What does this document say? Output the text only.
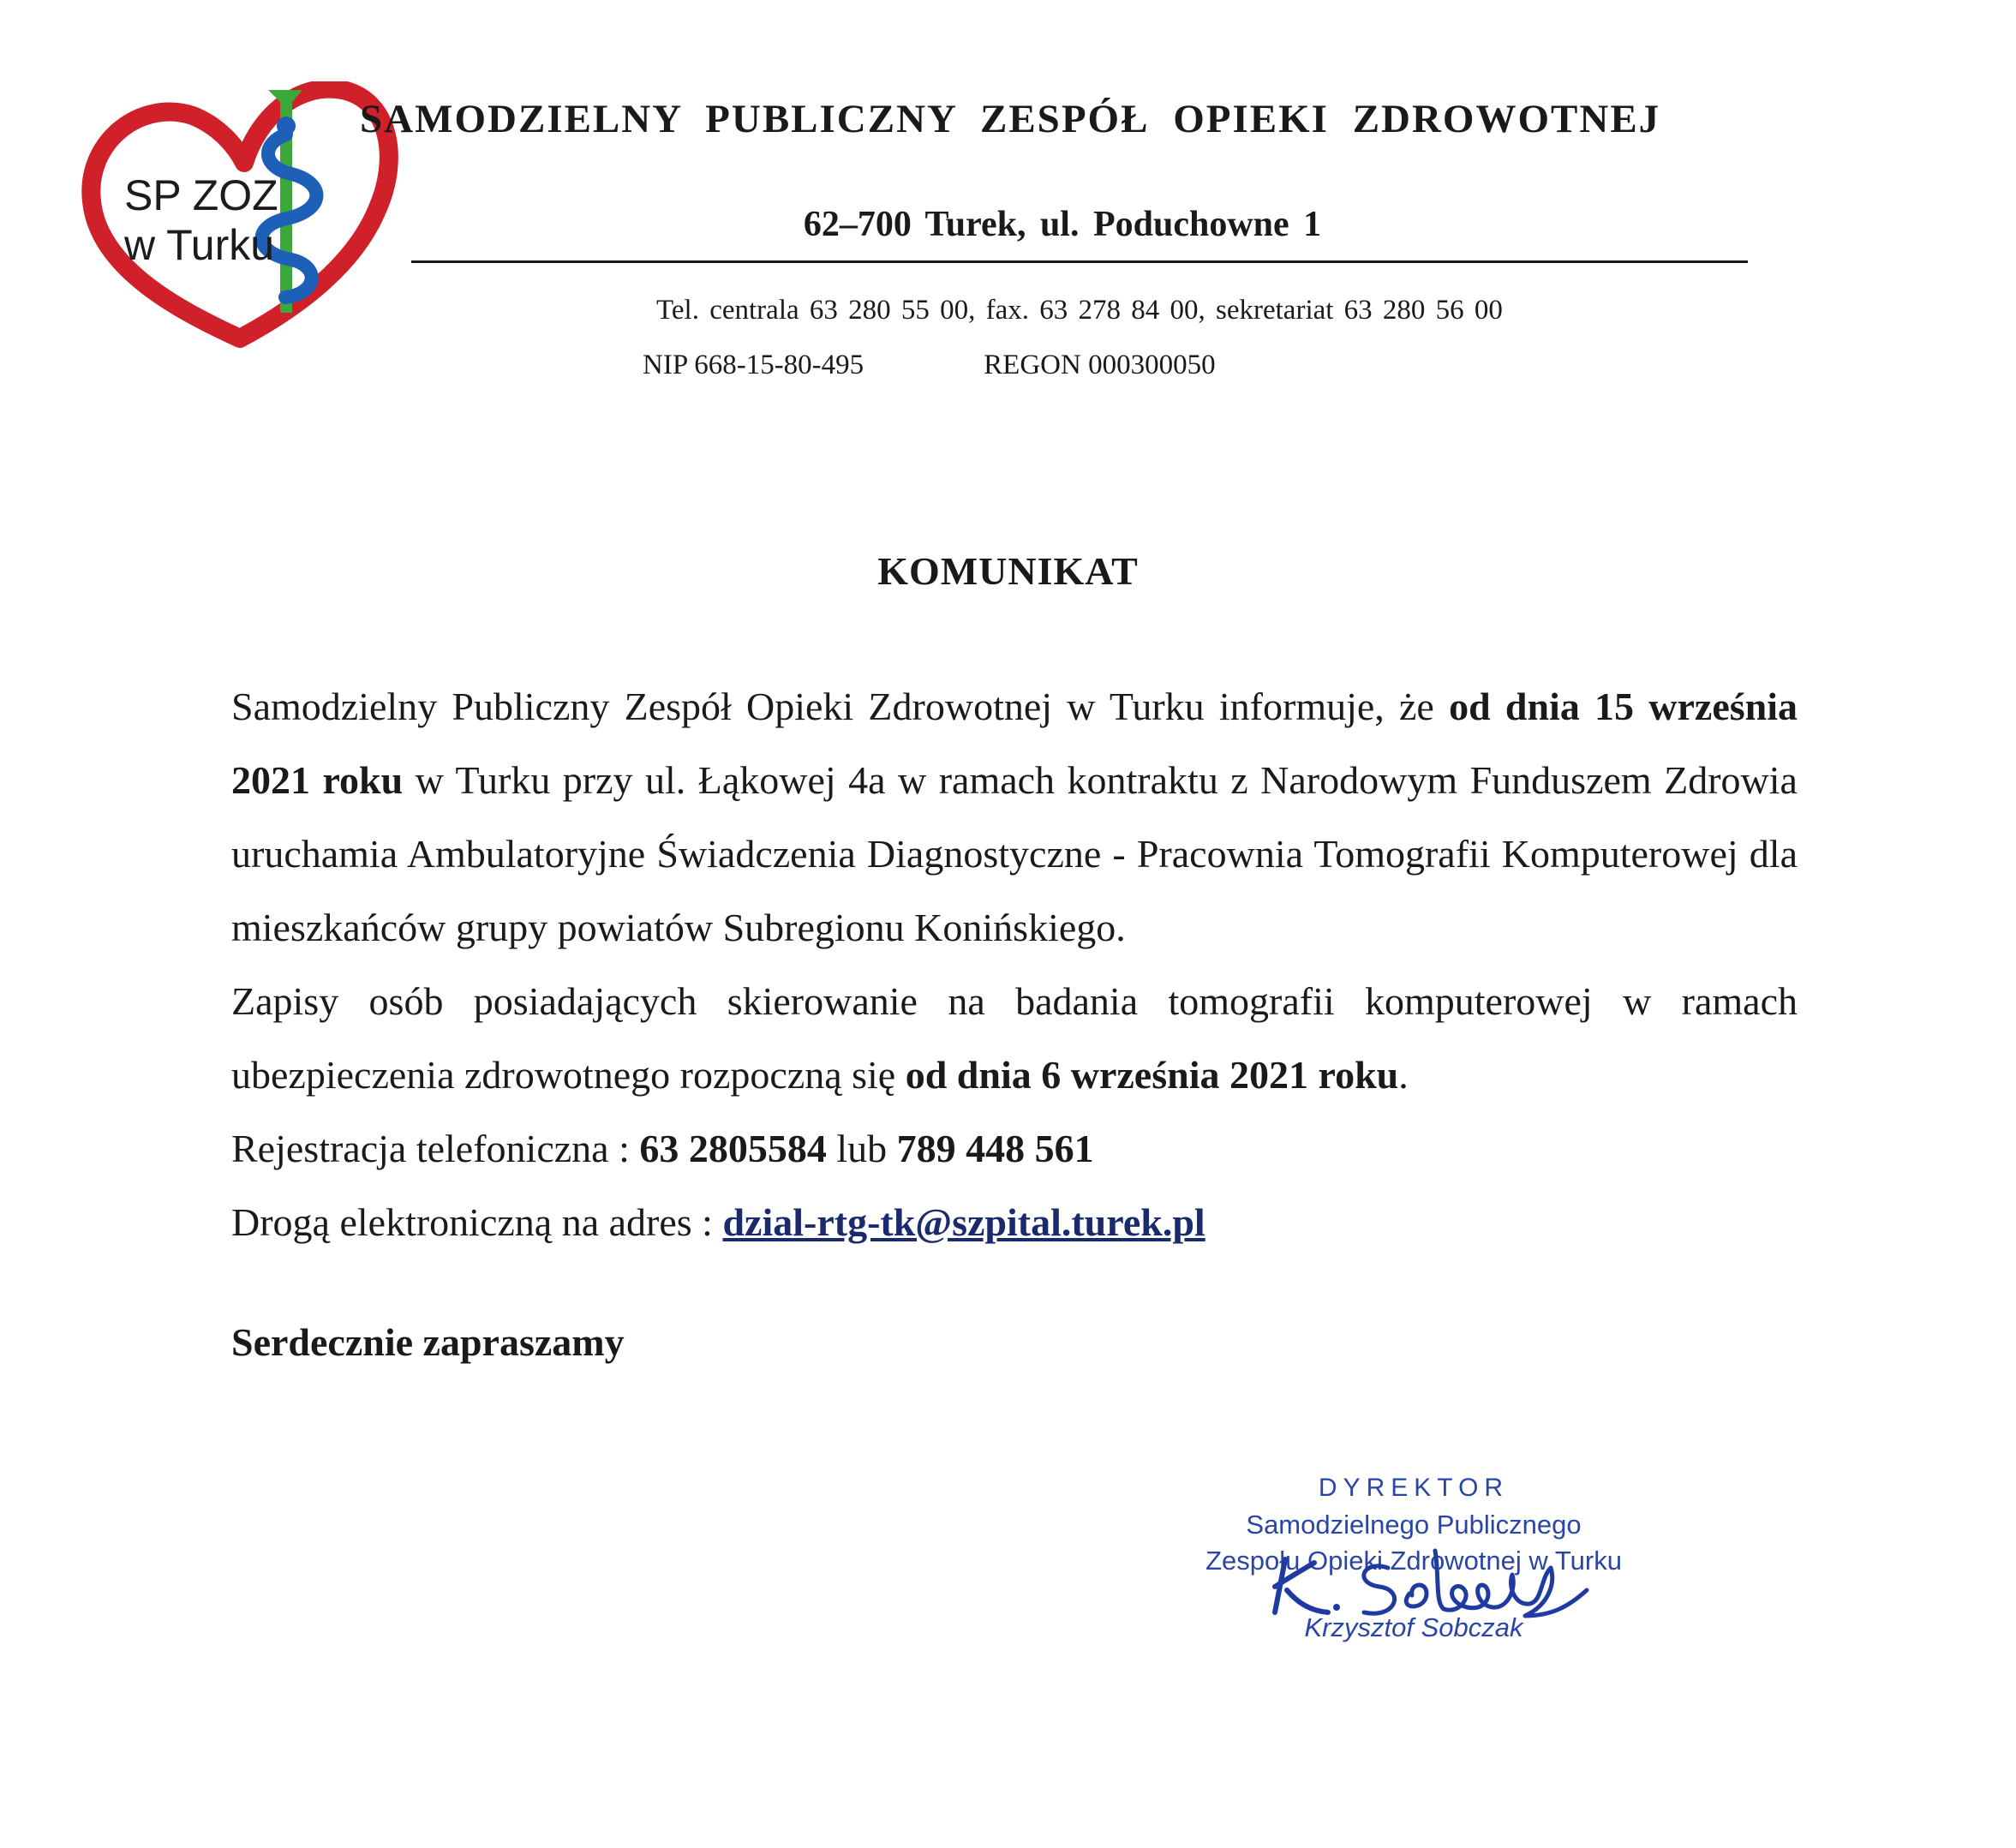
SP ZOZ
w Turku
SAMODZIELNY PUBLICZNY ZESPÓŁ OPIEKI ZDROWOTNEJ
62–700 Turek, ul. Poduchowne 1
Tel. centrala 63 280 55 00, fax. 63 278 84 00, sekretariat 63 280 56 00
NIP 668-15-80-495	REGON 000300050
KOMUNIKAT

Samodzielny Publiczny Zespół Opieki Zdrowotnej w Turku informuje, że od dnia 15 września 2021 roku w Turku przy ul. Łąkowej 4a w ramach kontraktu z Narodowym Funduszem Zdrowia uruchamia Ambulatoryjne Świadczenia Diagnostyczne - Pracownia Tomografii Komputerowej dla mieszkańców grupy powiatów Subregionu Konińskiego.

Zapisy osób posiadających skierowanie na badania tomografii komputerowej w ramach ubezpieczenia zdrowotnego rozpoczną się od dnia 6 września 2021 roku.

Rejestracja telefoniczna : 63 2805584 lub 789 448 561

Drogą elektroniczną na adres : dzial-rtg-tk@szpital.turek.pl

Serdecznie zapraszamy
DYREKTOR
Samodzielnego Publicznego
Zespołu Opieki Zdrowotnej w Turku
Krzysztof Sobczak
